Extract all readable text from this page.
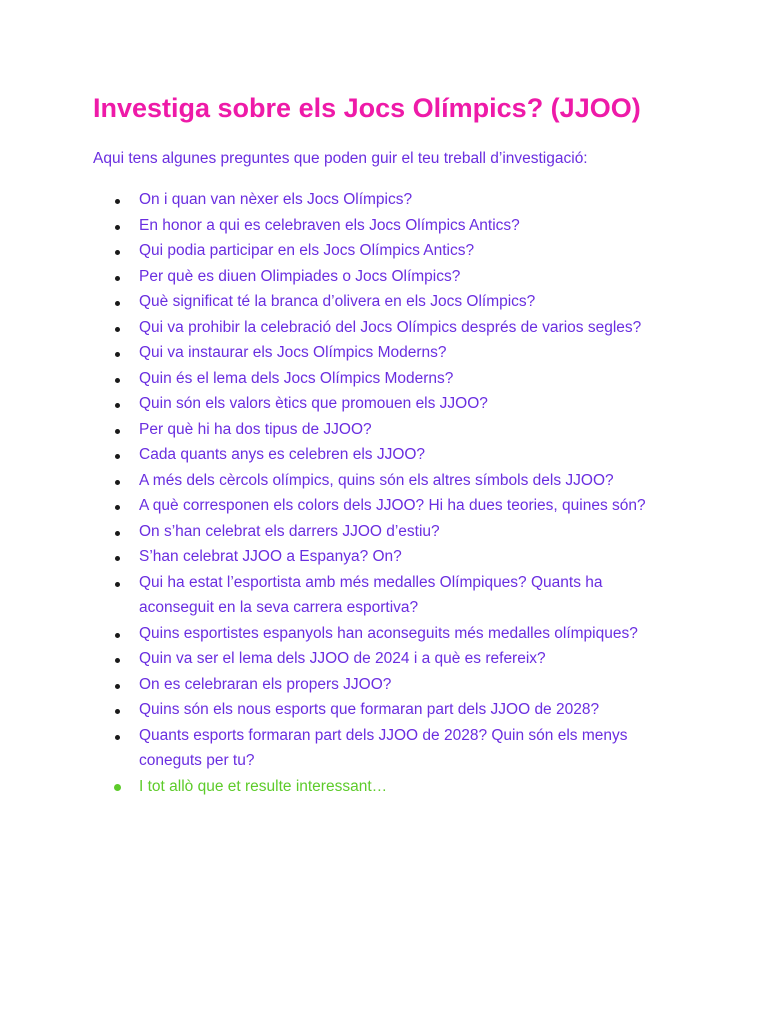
Investiga sobre els Jocs Olímpics? (JJOO)

Aqui tens algunes preguntes que poden guir el teu treball d’investigació:

On i quan van nèxer els Jocs Olímpics?
En honor a qui es celebraven els Jocs Olímpics Antics?
Qui podia participar en els Jocs Olímpics Antics?
Per què es diuen Olimpiades o Jocs Olímpics?
Què significat té la branca d’olivera en els Jocs Olímpics?
Qui va prohibir la celebració del Jocs Olímpics després de varios segles?
Qui va instaurar els Jocs Olímpics Moderns?
Quin és el lema dels Jocs Olímpics Moderns?
Quin són els valors ètics que promouen els JJOO?
Per què hi ha dos tipus de JJOO?
Cada quants anys es celebren els JJOO?
A més dels cèrcols olímpics, quins són els altres símbols dels JJOO?
A què corresponen els colors dels JJOO? Hi ha dues teories, quines són?
On s’han celebrat els darrers JJOO d’estiu?
S’han celebrat JJOO a Espanya? On?
Qui ha estat l’esportista amb més medalles Olímpiques? Quants ha aconseguit en la seva carrera esportiva?
Quins esportistes espanyols han aconseguits més medalles olímpiques?
Quin va ser el lema dels JJOO de 2024 i a què es refereix?
On es celebraran els propers JJOO?
Quins són els nous esports que formaran part dels JJOO de 2028?
Quants esports formaran part dels JJOO de 2028? Quin són els menys coneguts per tu?
I tot allò que et resulte interessant…
